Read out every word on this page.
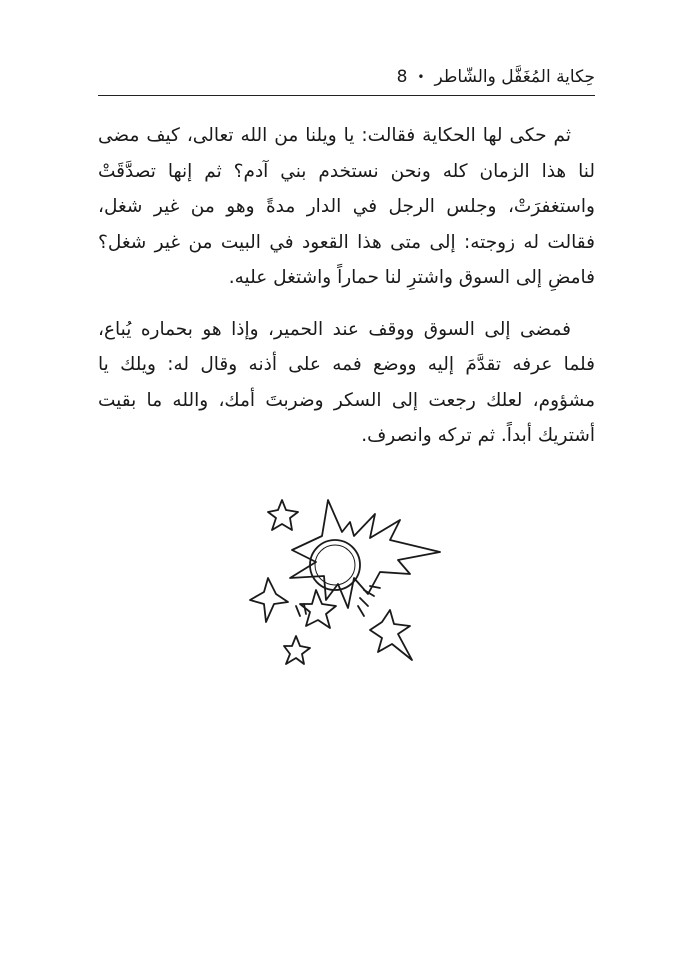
حِكاية المُغَفَّل والشّاطر
•
8

ثم حكى لها الحكاية فقالت: يا ويلنا من الله تعالى، كيف مضى لنا هذا الزمان كله ونحن نستخدم بني آدم؟ ثم إنها تصدَّقَتْ واستغفرَتْ، وجلس الرجل في الدار مدةً وهو من غير شغل، فقالت له زوجته: إلى متى هذا القعود في البيت من غير شغل؟ فامضِ إلى السوق واشترِ لنا حماراً واشتغل عليه.

فمضى إلى السوق ووقف عند الحمير، وإذا هو بحماره يُباع، فلما عرفه تقدَّمَ إليه ووضع فمه على أذنه وقال له: ويلك يا مشؤوم، لعلك رجعت إلى السكر وضربتَ أمك، والله ما بقيت أشتريك أبداً. ثم تركه وانصرف.
